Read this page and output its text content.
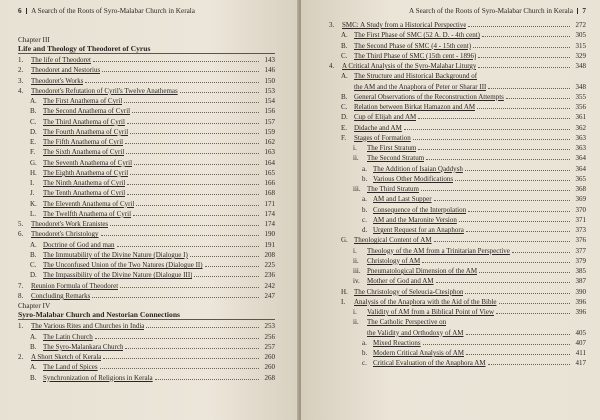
6 A Search of the Roots of Syro-Malabar Church in Kerala
Chapter III
Life and Theology of Theodoret of Cyrus
1.	The life of Theodoret	143
2.	Theodoret and Nestorius	146
3.	Theodoret's Works	150
4.	Theodoret's Refutation of Cyril's Twelve Anathemas	153
A. The First Anathema of Cyril	154
B. The Second Anathema of Cyril	156
C. The Third Anathema of Cyril	157
D. The Fourth Anathema of Cyril	159
E. The Fifth Anathema of Cyril	162
F.	The Sixth Anathema of Cyril	163
G. The Seventh Anathema of Cyril	164
H. The Eighth Anathema of Cyril	165
I.	The Ninth Anathema of Cyril	166
J.	The Tenth Anathema of Cyril	168
K. The Eleventh Anathema of Cyril	171
L. The Twelfth Anathema of Cyril	174
5.	Theodoret's Work Eranistes	174
6.	Theodoret's Christology	190
A. Doctrine of God and man	191
B. The Immutability of the Divine Nature (Dialogue I)	208
C. The Unconfused Union of the Two Natures (Dialogue II)	225
D. The Impassibility of the Divine Nature (Dialogue III)	236
7.	Reunion Formula of Theodoret	242
8.	Concluding Remarks	247
Chapter IV
Syro-Malabar Church and Nestorian Connections
1.	The Various Rites and Churches in India	253
A. The Latin Church	256
B. The Syro-Malankara Church	257
2.	A Short Sketch of Kerala	260
A. The Land of Spices	260
B. Synchronization of Religions in Kerala	268
A Search of the Roots of Syro-Malabar Church in Kerala 7
3.	SMC: A Study from a Historical Perspective	272
A. The First Phase of SMC (52 A. D. - 4th cent)	305
B. The Second Phase of SMC (4 - 15th cent)	315
C. The Third Phase of SMC (15th cent - 1896)	329
4.	A Critical Analysis of the Syro-Malabar Liturgy	348
A. The Structure and Historical Background of
the AM and the Anaphora of Peter or Sharar III	348
B. General Observations of the Reconstruction Attempts	355
C. Relation between Birkat Hamazon and AM	356
D. Cup of Elijah and AM	361
E. Didache and AM	362
F.	Stages of Formation	363
i.	The First Stratum	363
ii.	The Second Stratum	364
a. The Addition of Isaian Qaddysh	364
b. Various Other Modifications	365
iii. The Third Stratum	368
a. AM and Last Supper	369
b. Consequence of the Interpolation	370
c. AM and the Maronite Version	371
d. Urgent Request for an Anaphora	373
G. Theological Content of AM	376
i.	Theology of the AM from a Trinitarian Perspective	377
ii.	Christology of AM	379
iii. Pneumatological Dimension of the AM	385
iv.	Mother of God and AM	387
H. The Christology of Seleucia-Ctesiphon	390
I.	Analysis of the Anaphora with the Aid of the Bible	396
i.	Validity of AM from a Biblical Point of View	396
ii.	The Catholic Perspective on
the Validity and Orthodoxy of AM	405
a. Mixed Reactions	407
b. Modern Critical Analysis of AM	411
c. Critical Evaluation of the Anaphora AM	417
